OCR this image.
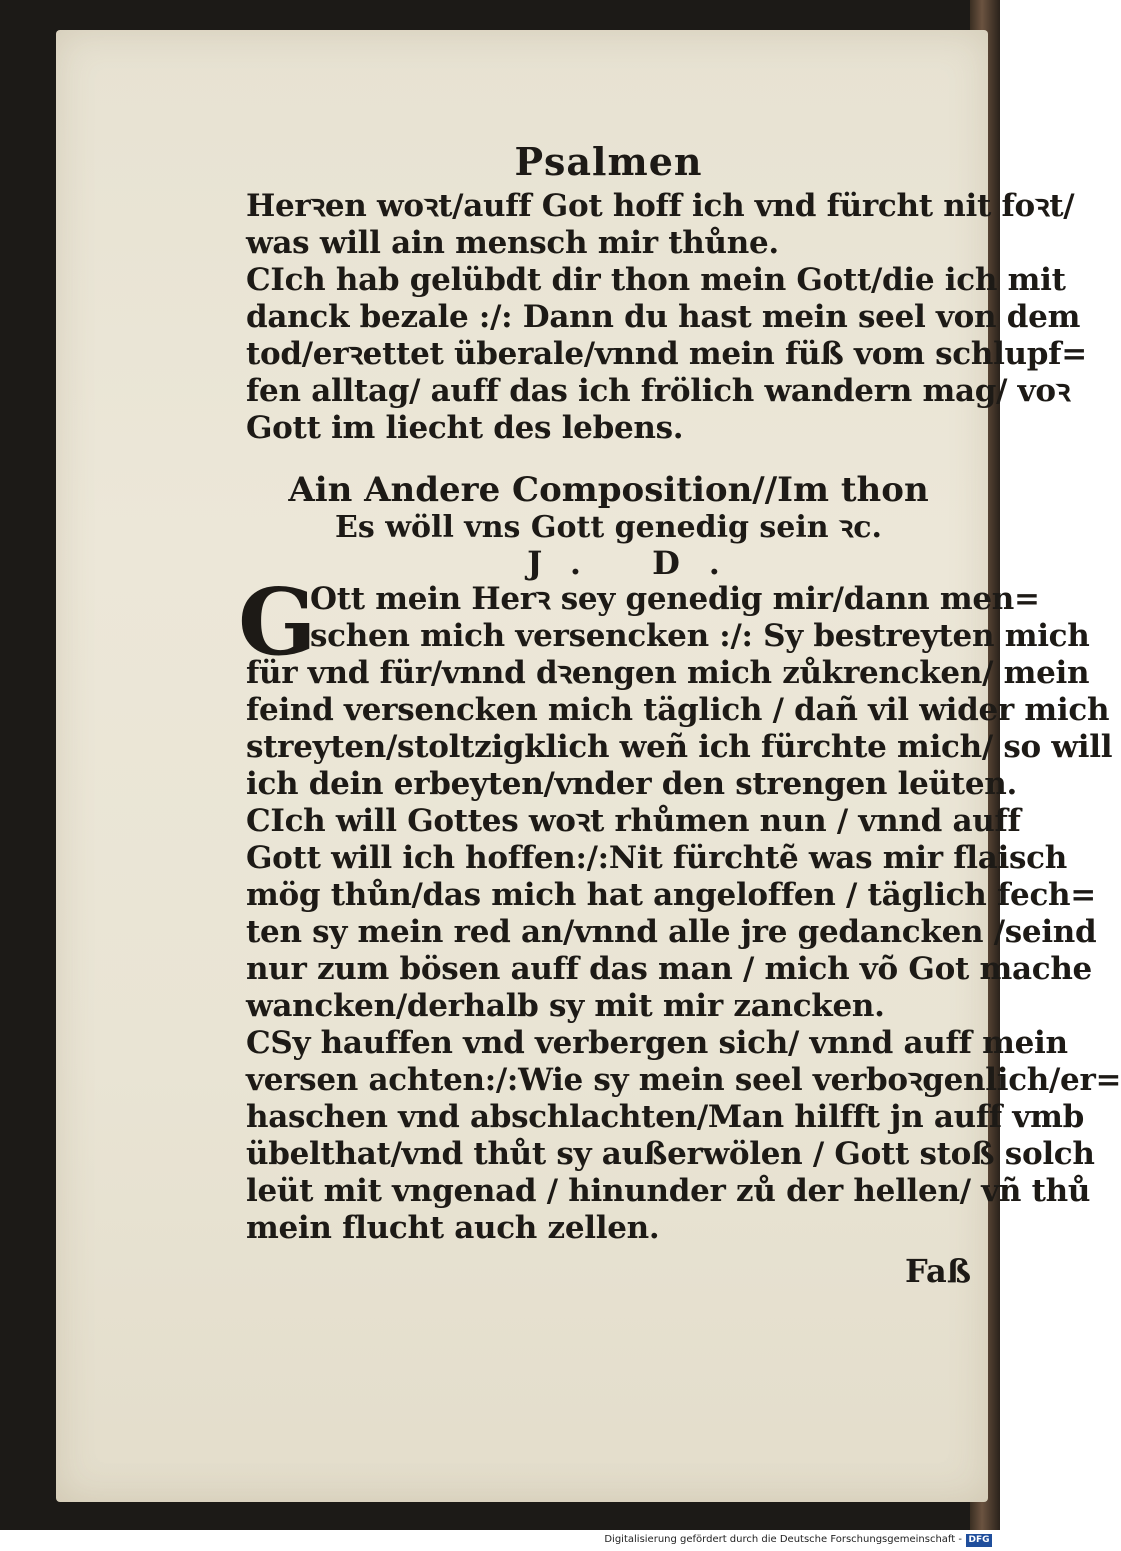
Psalmen
Herꝛen woꝛt/auff Got hoff ich vnd fürcht nit foꝛt/
was will ain mensch mir thůne.
CIch hab gelübdt dir thon mein Gott/die ich mit
danck bezale :/: Dann du hast mein seel von dem
tod/erꝛettet überale/vnnd mein füß vom schlupf=
fen alltag/ auff das ich frölich wandern mag/ voꝛ
Gott im liecht des lebens.
Ain Andere Composition//Im thon
Es wöll vns Gott genedig sein ꝛc.
J. D.
G
Ott mein Herꝛ sey genedig mir/dann men=
schen mich versencken :/: Sy bestreyten mich
für vnd für/vnnd dꝛengen mich zůkrencken/ mein
feind versencken mich täglich / dañ vil wider mich
streyten/stoltzigklich weñ ich fürchte mich/ so will
ich dein erbeyten/vnder den strengen leüten.
CIch will Gottes woꝛt rhůmen nun / vnnd auff
Gott will ich hoffen:/:Nit fürchtẽ was mir flaisch
mög thůn/das mich hat angeloffen / täglich fech=
ten sy mein red an/vnnd alle jre gedancken /seind
nur zum bösen auff das man / mich võ Got mache
wancken/derhalb sy mit mir zancken.
CSy hauffen vnd verbergen sich/ vnnd auff mein
versen achten:/:Wie sy mein seel verboꝛgenlich/er=
haschen vnd abschlachten/Man hilfft jn auff vmb
übelthat/vnd thůt sy außerwölen / Gott stoß solch
leüt mit vngenad / hinunder zů der hellen/ vñ thů
mein flucht auch zellen.
Faß
Digitalisierung gefördert durch die Deutsche Forschungsgemeinschaft - DFG
